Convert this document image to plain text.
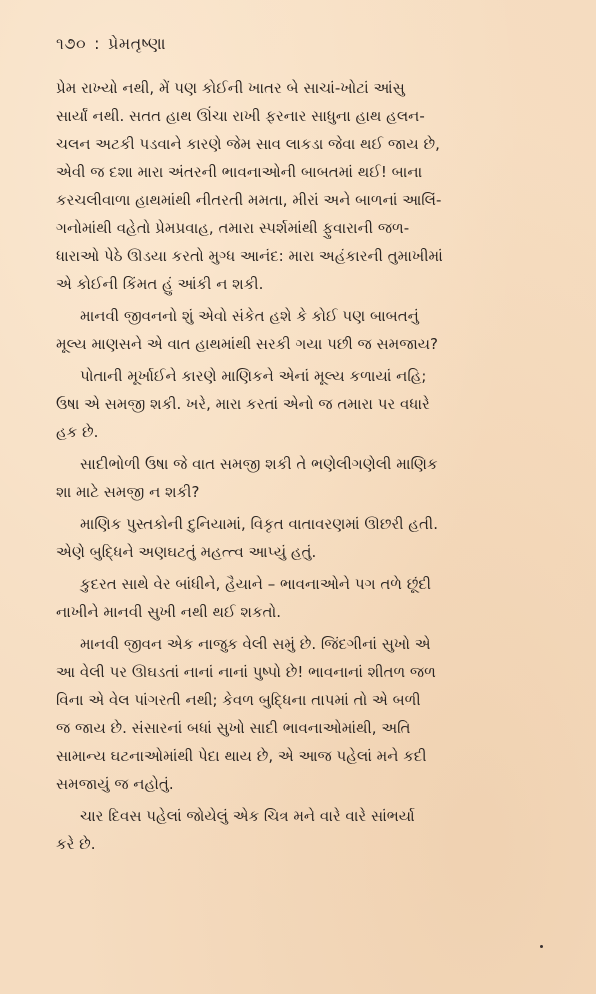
૧૭૦ : પ્રેમતૃષ્ણા

પ્રેમ રાખ્યો નથી, મેં પણ કોઈની ખાતર બે સાચાં-ખોટાં આંસુ
સાર્યાં નથી. સતત હાથ ઊંચા રાખી ફરનાર સાધુના હાથ હલન-
ચલન અટકી પડવાને કારણે જેમ સાવ લાકડા જેવા થઈ જાય છે,
એવી જ દશા મારા અંતરની ભાવનાઓની બાબતમાં થઈ! બાના
કરચલીવાળા હાથમાંથી નીતરતી મમતા, મીરાં અને બાળનાં આલિં-
ગનોમાંથી વહેતો પ્રેમપ્રવાહ, તમારા સ્પર્શમાંથી ફુવારાની જળ-
ધારાઓ પેઠે ઊડયા કરતો મુગ્ધ આનંદ: મારા અહંકારની તુમાખીમાં
એ કોઈની કિંમત હું આંકી ન શકી.

માનવી જીવનનો શું એવો સંકેત હશે કે કોઈ પણ બાબતનું
મૂલ્ય માણસને એ વાત હાથમાંથી સરકી ગયા પછી જ સમજાય?

પોતાની મૂર્ખાઈને કારણે માણિકને એનાં મૂલ્ય કળાયાં નહિ;
ઉષા એ સમજી શકી. ખરે, મારા કરતાં એનો જ તમારા પર વધારે
હક છે.

સાદીભોળી ઉષા જે વાત સમજી શકી તે ભણેલીગણેલી માણિક
શા માટે સમજી ન શકી?

માણિક પુસ્તકોની દુનિયામાં, વિકૃત વાતાવરણમાં ઊછરી હતી.
એણે બુદ્ધિને અણઘટતું મહત્ત્વ આપ્યું હતું.

કુદરત સાથે વેર બાંધીને, હૈયાને – ભાવનાઓને પગ તળે છૂંદી
નાખીને માનવી સુખી નથી થઈ શકતો.

માનવી જીવન એક નાજુક વેલી સમું છે. જિંદગીનાં સુખો એ
આ વેલી પર ઊઘડતાં નાનાં નાનાં પુષ્પો છે! ભાવનાનાં શીતળ જળ
વિના એ વેલ પાંગરતી નથી; કેવળ બુદ્ધિના તાપમાં તો એ બળી
જ જાય છે. સંસારનાં બધાં સુખો સાદી ભાવનાઓમાંથી, અતિ
સામાન્ય ઘટનાઓમાંથી પેદા થાય છે, એ આજ પહેલાં મને કદી
સમજાયું જ નહોતું.

ચાર દિવસ પહેલાં જોયેલું એક ચિત્ર મને વારે વારે સાંભર્યા
કરે છે.
